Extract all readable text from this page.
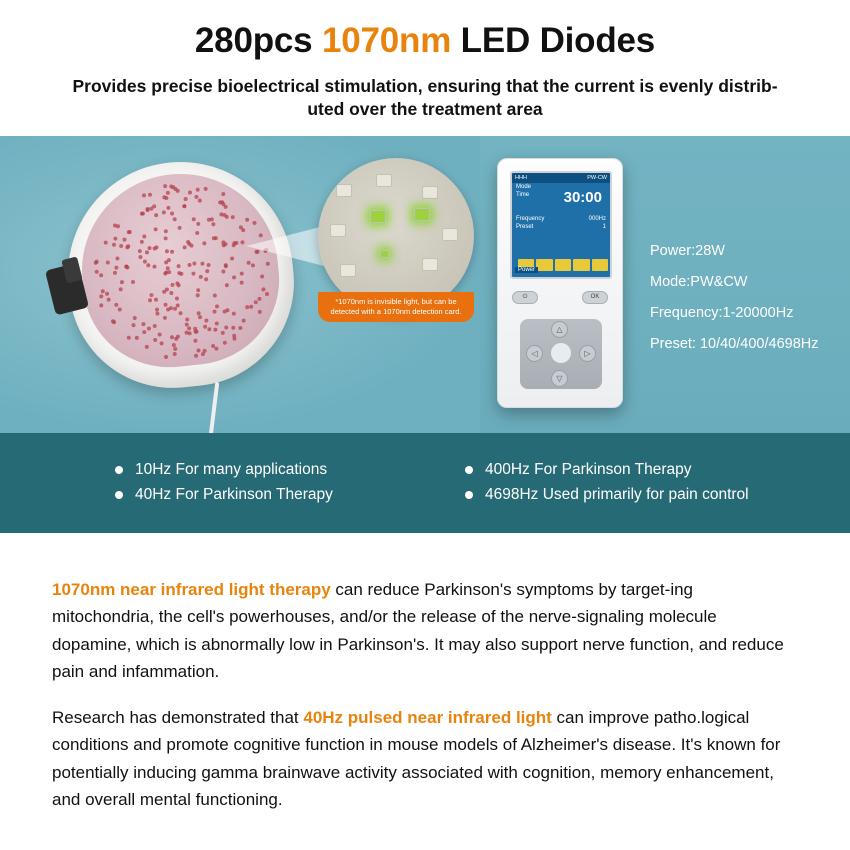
280pcs 1070nm LED Diodes
Provides precise bioelectrical stimulation, ensuring that the current is evenly distrib-uted over the treatment area
*1070nm is invisible light, but can be detected with a 1070nm detection card.
HHH	PW-CW
Mode
Time 30:00
Frequency	000Hz
Preset	1
Power
⏻	OK
△
▽
◁	▷
Power:28W
Mode:PW&CW
Frequency:1-20000Hz
Preset: 10/40/400/4698Hz
10Hz For many applications
40Hz For Parkinson Therapy
400Hz For Parkinson Therapy
4698Hz Used primarily for pain control

1070nm near infrared light therapy can reduce Parkinson's symptoms by target-ing mitochondria, the cell's powerhouses, and/or the release of the nerve-signaling molecule dopamine, which is abnormally low in Parkinson's. It may also support nerve function, and reduce pain and infammation.

Research has demonstrated that 40Hz pulsed near infrared light can improve patho.logical conditions and promote cognitive function in mouse models of Alzheimer's disease. It's known for potentially inducing gamma brainwave activity associated with cognition, memory enhancement, and overall mental functioning.
